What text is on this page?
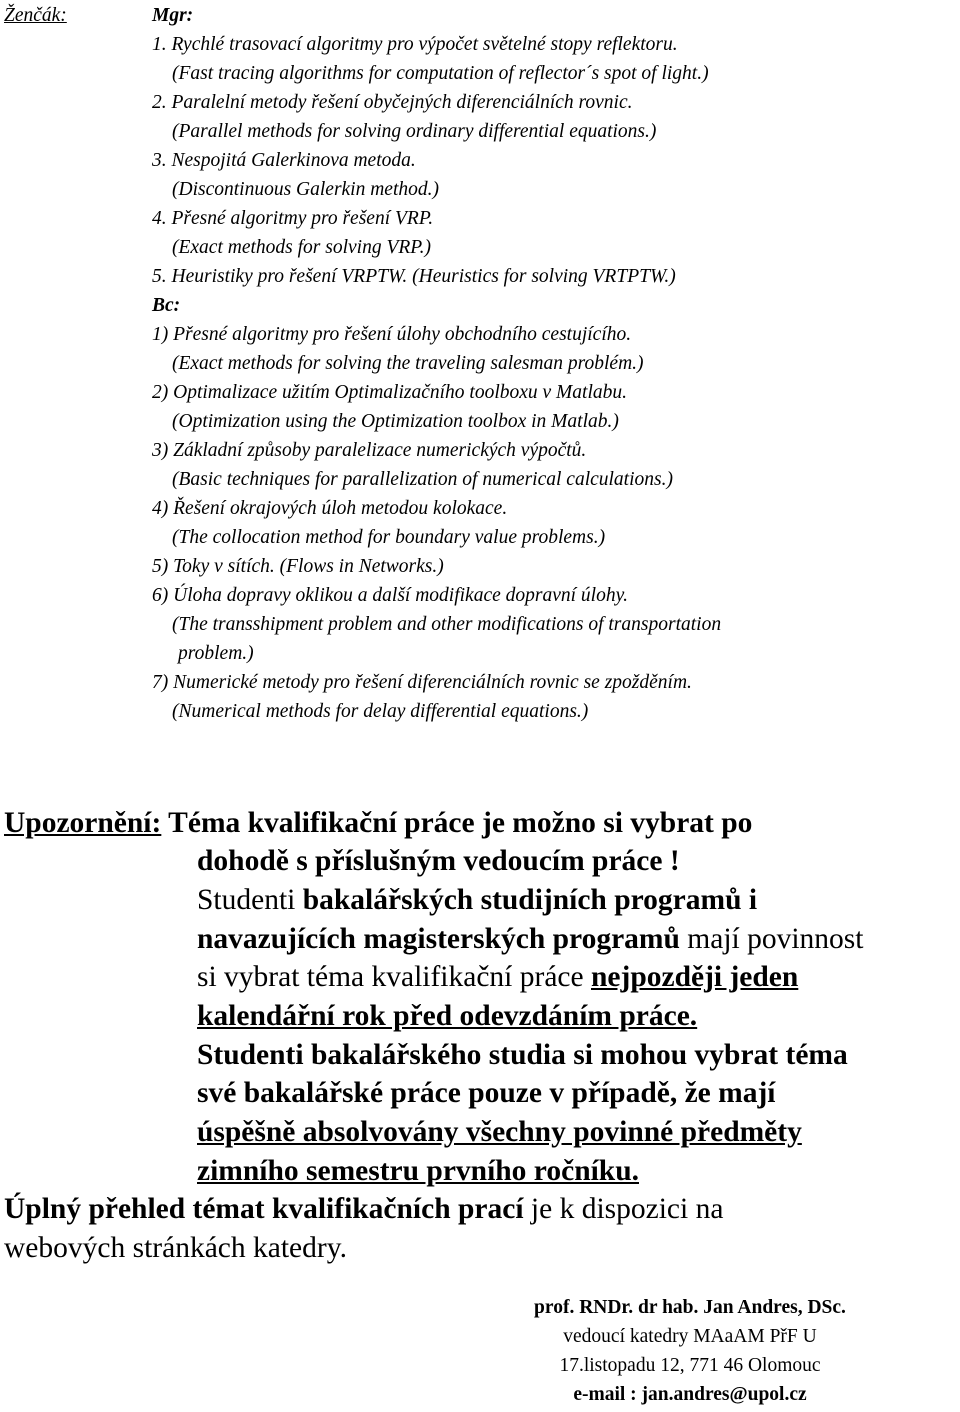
Ženčák:	Mgr:
1. Rychlé trasovací algoritmy pro výpočet světelné stopy reflektoru.
(Fast tracing algorithms for computation of reflector´s spot of light.)
2. Paralelní metody řešení obyčejných diferenciálních rovnic.
(Parallel methods for solving ordinary differential equations.)
3. Nespojitá Galerkinova metoda.
(Discontinuous Galerkin method.)
4. Přesné algoritmy pro řešení VRP.
(Exact methods for solving VRP.)
5. Heuristiky pro řešení VRPTW. (Heuristics for solving VRTPTW.)
Bc:
1) Přesné algoritmy pro řešení úlohy obchodního cestujícího.
(Exact methods for solving the traveling salesman problém.)
2) Optimalizace užitím Optimalizačního toolboxu v Matlabu.
(Optimization using the Optimization toolbox in Matlab.)
3) Základní způsoby paralelizace numerických výpočtů.
(Basic techniques for parallelization of numerical calculations.)
4) Řešení okrajových úloh metodou kolokace.
(The collocation method for boundary value problems.)
5) Toky v sítích. (Flows in Networks.)
6) Úloha dopravy oklikou a další modifikace dopravní úlohy.
(The transshipment problem and other modifications of transportation
problem.)
7) Numerické metody pro řešení diferenciálních rovnic se zpožděním.
(Numerical methods for delay differential equations.)
Upozornění: Téma kvalifikační práce je možno si vybrat po
dohodě s příslušným vedoucím práce !
Studenti bakalářských studijních programů i
navazujících magisterských programů mají povinnost
si vybrat téma kvalifikační práce nejpozději jeden
kalendářní rok před odevzdáním práce.
Studenti bakalářského studia si mohou vybrat téma
své bakalářské práce pouze v případě, že mají
úspěšně absolvovány všechny povinné předměty
zimního semestru prvního ročníku.
Úplný přehled témat kvalifikačních prací je k dispozici na
webových stránkách katedry.
prof. RNDr. dr hab. Jan Andres, DSc.
vedoucí katedry MAaAM PřF U
17.listopadu 12, 771 46 Olomouc
e-mail : jan.andres@upol.cz
